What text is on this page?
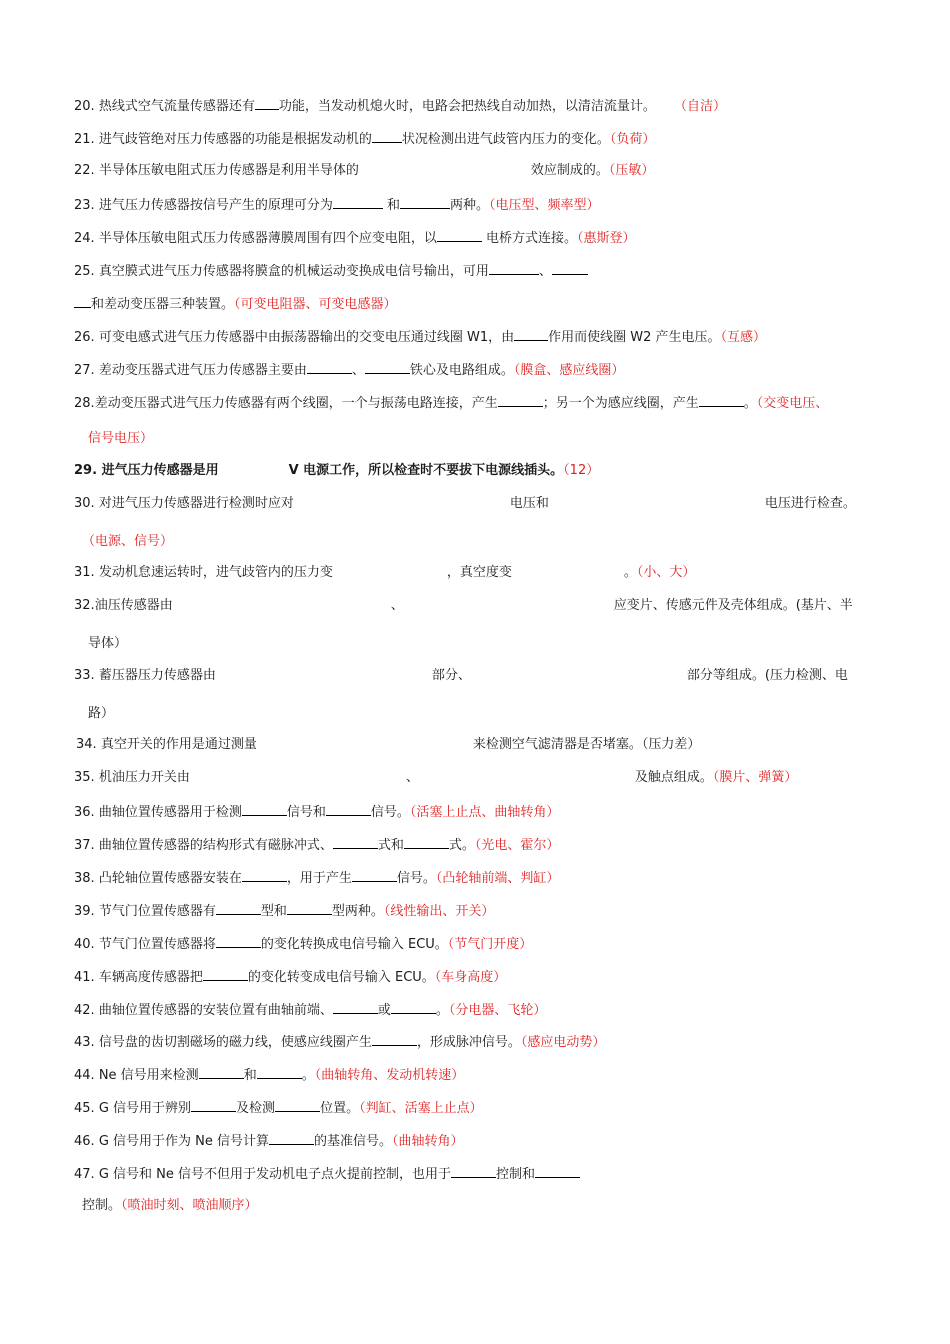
20. 热线式空气流量传感器还有 功能，当发动机熄火时，电路会把热线自动加热，以清洁流量计。 （自洁）
21. 进气歧管绝对压力传感器的功能是根据发动机的 状况检测出进气歧管内压力的变化。（负荷）
22. 半导体压敏电阻式压力传感器是利用半导体的	效应制成的。（压敏）
23. 进气压力传感器按信号产生的原理可分为	和	两种。（电压型、频率型）
24. 半导体压敏电阻式压力传感器薄膜周围有四个应变电阻，以	电桥方式连接。（惠斯登）
25. 真空膜式进气压力传感器将膜盒的机械运动变换成电信号输出，可用	、
和差动变压器三种装置。（可变电阻器、可变电感器）
26. 可变电感式进气压力传感器中由振荡器输出的交变电压通过线圈 W1，由	作用而使线圈 W2 产生电压。（互感）
27. 差动变压器式进气压力传感器主要由	、	铁心及电路组成。（膜盒、感应线圈）
28.差动变压器式进气压力传感器有两个线圈，一个与振荡电路连接，产生	；另一个为感应线圈，产生	。（交变电压、
信号电压）
29. 进气压力传感器是用	V 电源工作，所以检查时不要拔下电源线插头。（12）
30. 对进气压力传感器进行检测时应对	电压和	电压进行检查。
（电源、信号）
31. 发动机怠速运转时，进气歧管内的压力变	，真空度变	。（小、大）
32.油压传感器由	、	应变片、传感元件及壳体组成。(基片、半
导体）
33. 蓄压器压力传感器由	部分、	部分等组成。(压力检测、电
路）
34. 真空开关的作用是通过测量	来检测空气滤清器是否堵塞。（压力差）
35. 机油压力开关由	、	及触点组成。（膜片、弹簧）
36. 曲轴位置传感器用于检测	信号和	信号。（活塞上止点、曲轴转角）
37. 曲轴位置传感器的结构形式有磁脉冲式、	式和	式。（光电、霍尔）
38. 凸轮轴位置传感器安装在	，用于产生	信号。（凸轮轴前端、判缸）
39. 节气门位置传感器有	型和	型两种。（线性输出、开关）
40. 节气门位置传感器将	的变化转换成电信号输入 ECU。（节气门开度）
41. 车辆高度传感器把	的变化转变成电信号输入 ECU。（车身高度）
42. 曲轴位置传感器的安装位置有曲轴前端、	或	。（分电器、飞轮）
43. 信号盘的齿切割磁场的磁力线，使感应线圈产生	，形成脉冲信号。（感应电动势）
44. Ne 信号用来检测	和	。（曲轴转角、发动机转速）
45. G 信号用于辨别	及检测	位置。（判缸、活塞上止点）
46. G 信号用于作为 Ne 信号计算	的基准信号。（曲轴转角）
47. G 信号和 Ne 信号不但用于发动机电子点火提前控制，也用于	控制和
控制。（喷油时刻、喷油顺序）
